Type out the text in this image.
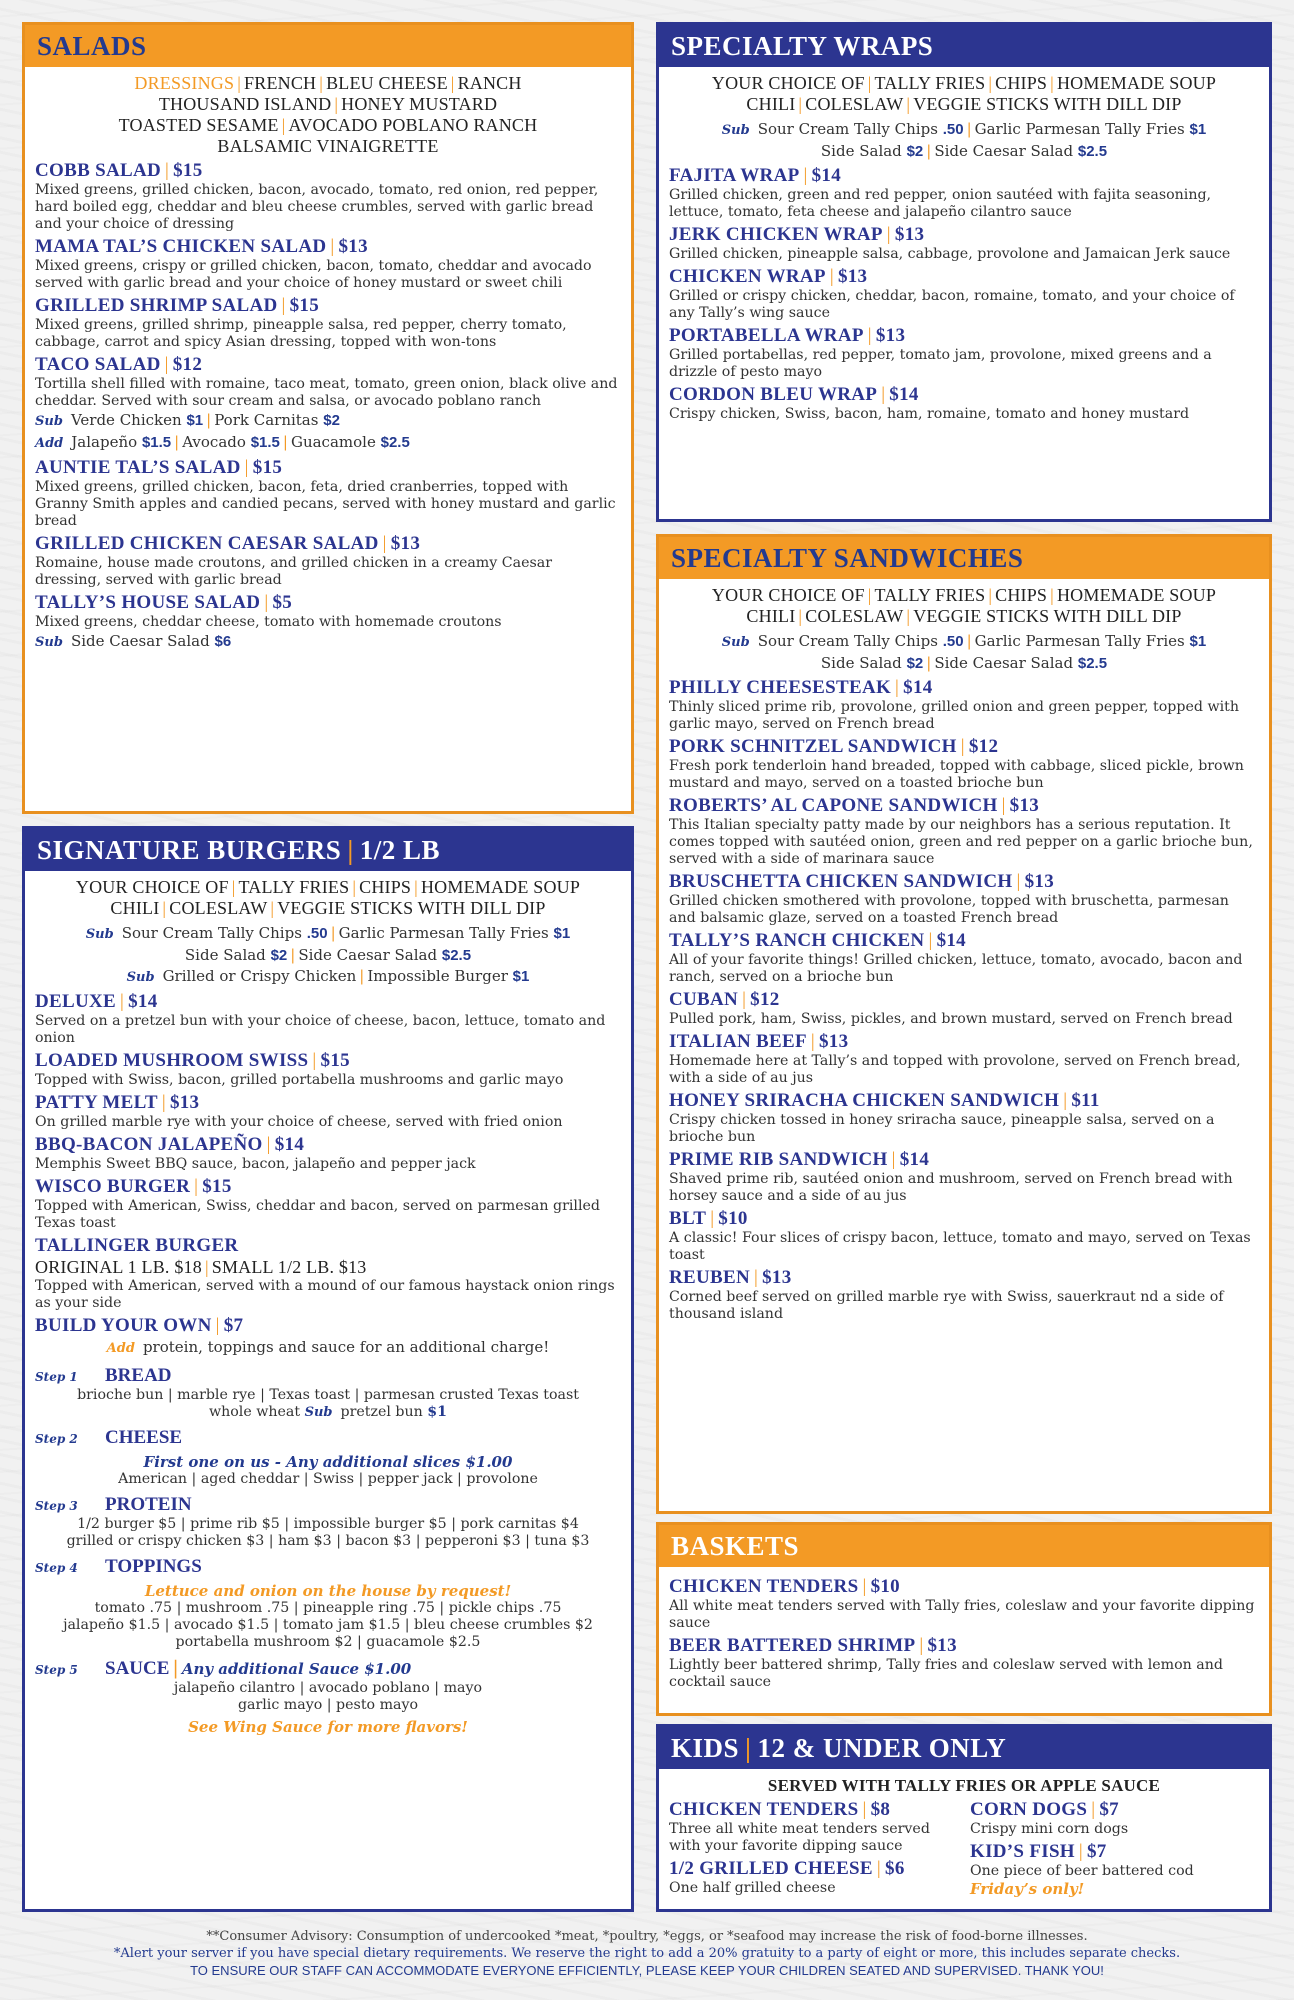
SALADS
DRESSINGS | FRENCH | BLEU CHEESE | RANCH
THOUSAND ISLAND | HONEY MUSTARD
TOASTED SESAME | AVOCADO POBLANO RANCH
BALSAMIC VINAIGRETTE
COBB SALAD | $15
Mixed greens, grilled chicken, bacon, avocado, tomato, red onion, red pepper, hard boiled egg, cheddar and bleu cheese crumbles, served with garlic bread and your choice of dressing
MAMA TAL’S CHICKEN SALAD | $13
Mixed greens, crispy or grilled chicken, bacon, tomato, cheddar and avocado served with garlic bread and your choice of honey mustard or sweet chili
GRILLED SHRIMP SALAD | $15
Mixed greens, grilled shrimp, pineapple salsa, red pepper, cherry tomato, cabbage, carrot and spicy Asian dressing, topped with won-tons
TACO SALAD | $12
Tortilla shell filled with romaine, taco meat, tomato, green onion, black olive and cheddar. Served with sour cream and salsa, or avocado poblano ranch
Sub Verde Chicken $1 | Pork Carnitas $2
Add Jalapeño $1.5 | Avocado $1.5 | Guacamole $2.5
AUNTIE TAL’S SALAD | $15
Mixed greens, grilled chicken, bacon, feta, dried cranberries, topped with Granny Smith apples and candied pecans, served with honey mustard and garlic bread
GRILLED CHICKEN CAESAR SALAD | $13
Romaine, house made croutons, and grilled chicken in a creamy Caesar dressing, served with garlic bread
TALLY’S HOUSE SALAD | $5
Mixed greens, cheddar cheese, tomato with homemade croutons
Sub Side Caesar Salad $6
SIGNATURE BURGERS | 1/2 LB
YOUR CHOICE OF | TALLY FRIES | CHIPS | HOMEMADE SOUP
CHILI | COLESLAW | VEGGIE STICKS WITH DILL DIP
Sub Sour Cream Tally Chips .50 | Garlic Parmesan Tally Fries $1
Side Salad $2 | Side Caesar Salad $2.5
Sub Grilled or Crispy Chicken | Impossible Burger $1
DELUXE | $14
Served on a pretzel bun with your choice of cheese, bacon, lettuce, tomato and onion
LOADED MUSHROOM SWISS | $15
Topped with Swiss, bacon, grilled portabella mushrooms and garlic mayo
PATTY MELT | $13
On grilled marble rye with your choice of cheese, served with fried onion
BBQ-BACON JALAPEÑO | $14
Memphis Sweet BBQ sauce, bacon, jalapeño and pepper jack
WISCO BURGER | $15
Topped with American, Swiss, cheddar and bacon, served on parmesan grilled Texas toast
TALLINGER BURGER
ORIGINAL 1 LB. $18 | SMALL 1/2 LB. $13
Topped with American, served with a mound of our famous haystack onion rings as your side
BUILD YOUR OWN | $7
Add protein, toppings and sauce for an additional charge!
Step 1	BREAD
brioche bun | marble rye | Texas toast | parmesan crusted Texas toast
whole wheat Sub pretzel bun $1
Step 2	CHEESE
First one on us - Any additional slices $1.00
American | aged cheddar | Swiss | pepper jack | provolone
Step 3	PROTEIN
1/2 burger $5 | prime rib $5 | impossible burger $5 | pork carnitas $4
grilled or crispy chicken $3 | ham $3 | bacon $3 | pepperoni $3 | tuna $3
Step 4	TOPPINGS
Lettuce and onion on the house by request!
tomato .75 | mushroom .75 | pineapple ring .75 | pickle chips .75
jalapeño $1.5 | avocado $1.5 | tomato jam $1.5 | bleu cheese crumbles $2
portabella mushroom $2 | guacamole $2.5
Step 5	SAUCE | Any additional Sauce $1.00
jalapeño cilantro | avocado poblano | mayo
garlic mayo | pesto mayo
See Wing Sauce for more flavors!
SPECIALTY WRAPS
YOUR CHOICE OF | TALLY FRIES | CHIPS | HOMEMADE SOUP
CHILI | COLESLAW | VEGGIE STICKS WITH DILL DIP
Sub Sour Cream Tally Chips .50 | Garlic Parmesan Tally Fries $1
Side Salad $2 | Side Caesar Salad $2.5
FAJITA WRAP | $14
Grilled chicken, green and red pepper, onion sautéed with fajita seasoning, lettuce, tomato, feta cheese and jalapeño cilantro sauce
JERK CHICKEN WRAP | $13
Grilled chicken, pineapple salsa, cabbage, provolone and Jamaican Jerk sauce
CHICKEN WRAP | $13
Grilled or crispy chicken, cheddar, bacon, romaine, tomato, and your choice of any Tally’s wing sauce
PORTABELLA WRAP | $13
Grilled portabellas, red pepper, tomato jam, provolone, mixed greens and a drizzle of pesto mayo
CORDON BLEU WRAP | $14
Crispy chicken, Swiss, bacon, ham, romaine, tomato and honey mustard
SPECIALTY SANDWICHES
YOUR CHOICE OF | TALLY FRIES | CHIPS | HOMEMADE SOUP
CHILI | COLESLAW | VEGGIE STICKS WITH DILL DIP
Sub Sour Cream Tally Chips .50 | Garlic Parmesan Tally Fries $1
Side Salad $2 | Side Caesar Salad $2.5
PHILLY CHEESESTEAK | $14
Thinly sliced prime rib, provolone, grilled onion and green pepper, topped with garlic mayo, served on French bread
PORK SCHNITZEL SANDWICH | $12
Fresh pork tenderloin hand breaded, topped with cabbage, sliced pickle, brown mustard and mayo, served on a toasted brioche bun
ROBERTS’ AL CAPONE SANDWICH | $13
This Italian specialty patty made by our neighbors has a serious reputation. It comes topped with sautéed onion, green and red pepper on a garlic brioche bun, served with a side of marinara sauce
BRUSCHETTA CHICKEN SANDWICH | $13
Grilled chicken smothered with provolone, topped with bruschetta, parmesan and balsamic glaze, served on a toasted French bread
TALLY’S RANCH CHICKEN | $14
All of your favorite things! Grilled chicken, lettuce, tomato, avocado, bacon and ranch, served on a brioche bun
CUBAN | $12
Pulled pork, ham, Swiss, pickles, and brown mustard, served on French bread
ITALIAN BEEF | $13
Homemade here at Tally’s and topped with provolone, served on French bread, with a side of au jus
HONEY SRIRACHA CHICKEN SANDWICH | $11
Crispy chicken tossed in honey sriracha sauce, pineapple salsa, served on a brioche bun
PRIME RIB SANDWICH | $14
Shaved prime rib, sautéed onion and mushroom, served on French bread with horsey sauce and a side of au jus
BLT | $10
A classic! Four slices of crispy bacon, lettuce, tomato and mayo, served on Texas toast
REUBEN | $13
Corned beef served on grilled marble rye with Swiss, sauerkraut nd a side of thousand island
BASKETS
CHICKEN TENDERS | $10
All white meat tenders served with Tally fries, coleslaw and your favorite dipping sauce
BEER BATTERED SHRIMP | $13
Lightly beer battered shrimp, Tally fries and coleslaw served with lemon and cocktail sauce
KIDS | 12 & UNDER ONLY
SERVED WITH TALLY FRIES OR APPLE SAUCE
CHICKEN TENDERS | $8
Three all white meat tenders served with your favorite dipping sauce
1/2 GRILLED CHEESE | $6
One half grilled cheese
CORN DOGS | $7
Crispy mini corn dogs
KID’S FISH | $7
One piece of beer battered cod
Friday’s only!
**Consumer Advisory: Consumption of undercooked *meat, *poultry, *eggs, or *seafood may increase the risk of food-borne illnesses.
*Alert your server if you have special dietary requirements. We reserve the right to add a 20% gratuity to a party of eight or more, this includes separate checks.
TO ENSURE OUR STAFF CAN ACCOMMODATE EVERYONE EFFICIENTLY, PLEASE KEEP YOUR CHILDREN SEATED AND SUPERVISED. THANK YOU!
